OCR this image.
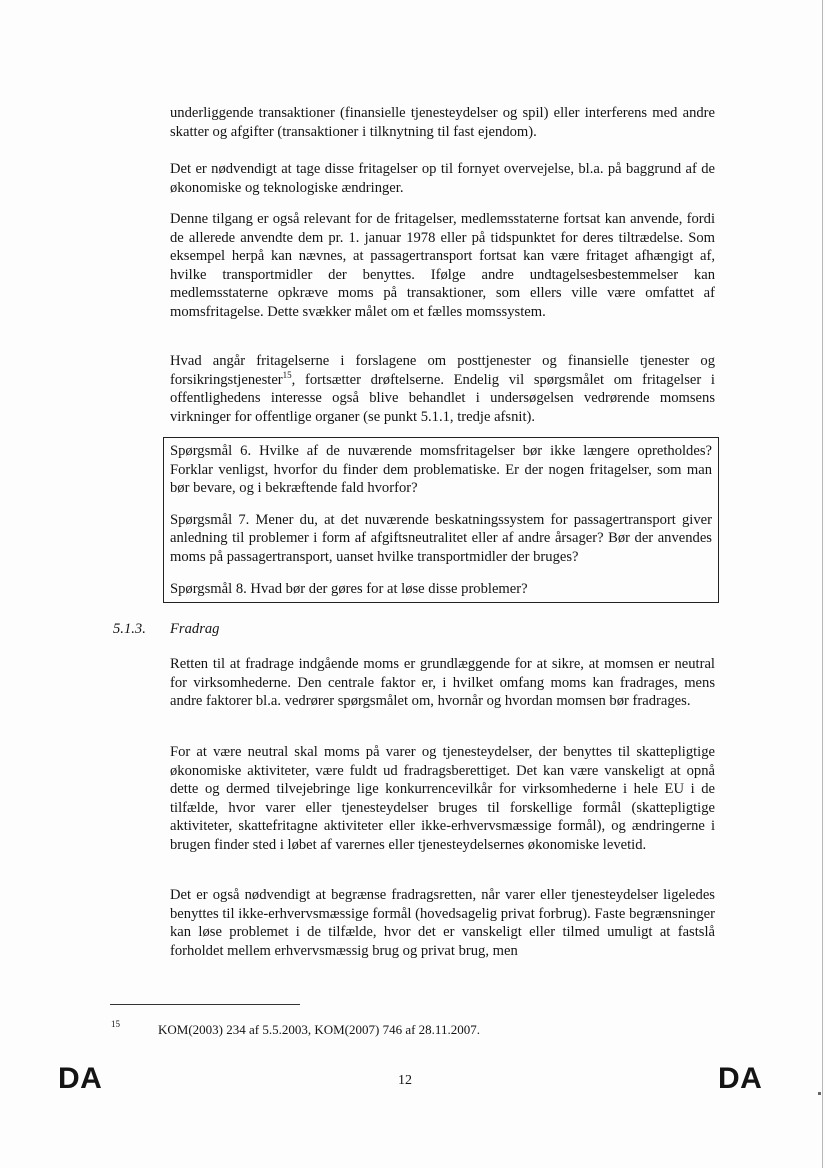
underliggende transaktioner (finansielle tjenesteydelser og spil) eller interferens med andre skatter og afgifter (transaktioner i tilknytning til fast ejendom).

Det er nødvendigt at tage disse fritagelser op til fornyet overvejelse, bl.a. på baggrund af de økonomiske og teknologiske ændringer.

Denne tilgang er også relevant for de fritagelser, medlemsstaterne fortsat kan anvende, fordi de allerede anvendte dem pr. 1. januar 1978 eller på tidspunktet for deres tiltrædelse. Som eksempel herpå kan nævnes, at passagertransport fortsat kan være fritaget afhængigt af, hvilke transportmidler der benyttes. Ifølge andre undtagelsesbestemmelser kan medlemsstaterne opkræve moms på transaktioner, som ellers ville være omfattet af momsfritagelse. Dette svækker målet om et fælles momssystem.

Hvad angår fritagelserne i forslagene om posttjenester og finansielle tjenester og forsikringstjenester$^{15}$, fortsætter drøftelserne. Endelig vil spørgsmålet om fritagelser i offentlighedens interesse også blive behandlet i undersøgelsen vedrørende momsens virkninger for offentlige organer (se punkt 5.1.1, tredje afsnit).

Spørgsmål 6. Hvilke af de nuværende momsfritagelser bør ikke længere opretholdes? Forklar venligst, hvorfor du finder dem problematiske. Er der nogen fritagelser, som man bør bevare, og i bekræftende fald hvorfor?

Spørgsmål 7. Mener du, at det nuværende beskatningssystem for passagertransport giver anledning til problemer i form af afgiftsneutralitet eller af andre årsager? Bør der anvendes moms på passagertransport, uanset hvilke transportmidler der bruges?

Spørgsmål 8. Hvad bør der gøres for at løse disse problemer?

5.1.3. Fradrag

Retten til at fradrage indgående moms er grundlæggende for at sikre, at momsen er neutral for virksomhederne. Den centrale faktor er, i hvilket omfang moms kan fradrages, mens andre faktorer bl.a. vedrører spørgsmålet om, hvornår og hvordan momsen bør fradrages.

For at være neutral skal moms på varer og tjenesteydelser, der benyttes til skattepligtige økonomiske aktiviteter, være fuldt ud fradragsberettiget. Det kan være vanskeligt at opnå dette og dermed tilvejebringe lige konkurrencevilkår for virksomhederne i hele EU i de tilfælde, hvor varer eller tjenesteydelser bruges til forskellige formål (skattepligtige aktiviteter, skattefritagne aktiviteter eller ikke-erhvervsmæssige formål), og ændringerne i brugen finder sted i løbet af varernes eller tjenesteydelsernes økonomiske levetid.

Det er også nødvendigt at begrænse fradragsretten, når varer eller tjenesteydelser ligeledes benyttes til ikke-erhvervsmæssige formål (hovedsagelig privat forbrug). Faste begrænsninger kan løse problemet i de tilfælde, hvor det er vanskeligt eller tilmed umuligt at fastslå forholdet mellem erhvervsmæssig brug og privat brug, men

15	KOM(2003) 234 af 5.5.2003, KOM(2007) 746 af 28.11.2007.
DA	12	DA
